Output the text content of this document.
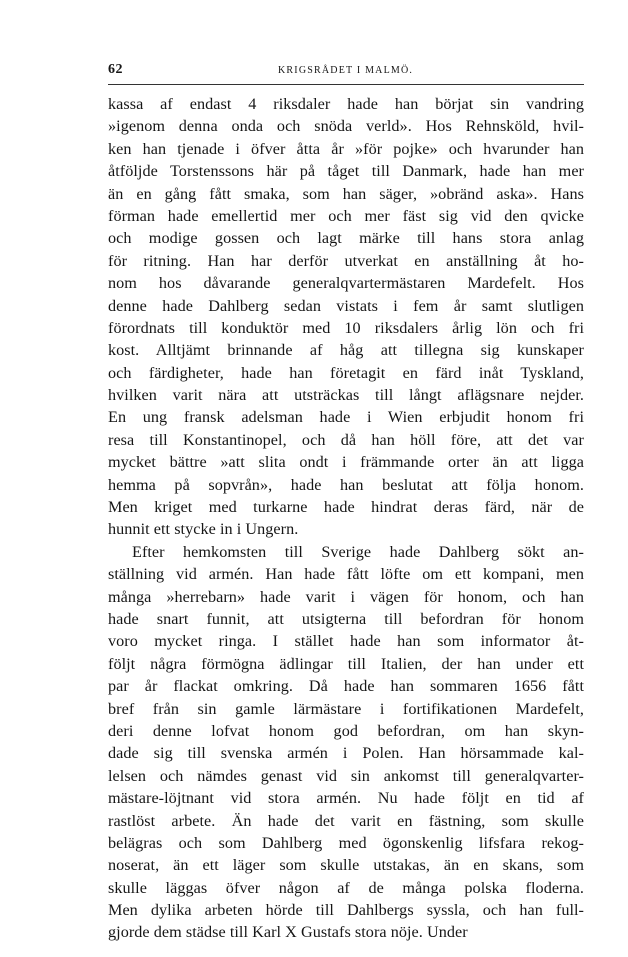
62	KRIGSRÅDET I MALMÖ.
kassa af endast 4 riksdaler hade han börjat sin vandring
»igenom denna onda och snöda verld». Hos Rehnsköld, hvil-
ken han tjenade i öfver åtta år »för pojke» och hvarunder han
åtföljde Torstenssons här på tåget till Danmark, hade han mer
än en gång fått smaka, som han säger, »obränd aska». Hans
förman hade emellertid mer och mer fäst sig vid den qvicke
och modige gossen och lagt märke till hans stora anlag
för ritning. Han har derför utverkat en anställning åt ho-
nom hos dåvarande generalqvartermästaren Mardefelt. Hos
denne hade Dahlberg sedan vistats i fem år samt slutligen
förordnats till konduktör med 10 riksdalers årlig lön och fri
kost. Alltjämt brinnande af håg att tillegna sig kunskaper
och färdigheter, hade han företagit en färd inåt Tyskland,
hvilken varit nära att utsträckas till långt aflägsnare nejder.
En ung fransk adelsman hade i Wien erbjudit honom fri
resa till Konstantinopel, och då han höll före, att det var
mycket bättre »att slita ondt i främmande orter än att ligga
hemma på sopvrån», hade han beslutat att följa honom.
Men kriget med turkarne hade hindrat deras färd, när de
hunnit ett stycke in i Ungern.
Efter hemkomsten till Sverige hade Dahlberg sökt an-
ställning vid armén. Han hade fått löfte om ett kompani, men
många »herrebarn» hade varit i vägen för honom, och han
hade snart funnit, att utsigterna till befordran för honom
voro mycket ringa. I stället hade han som informator åt-
följt några förmögna ädlingar till Italien, der han under ett
par år flackat omkring. Då hade han sommaren 1656 fått
bref från sin gamle lärmästare i fortifikationen Mardefelt,
deri denne lofvat honom god befordran, om han skyn-
dade sig till svenska armén i Polen. Han hörsammade kal-
lelsen och nämdes genast vid sin ankomst till generalqvarter-
mästare-löjtnant vid stora armén. Nu hade följt en tid af
rastlöst arbete. Än hade det varit en fästning, som skulle
belägras och som Dahlberg med ögonskenlig lifsfara rekog-
noserat, än ett läger som skulle utstakas, än en skans, som
skulle läggas öfver någon af de många polska floderna.
Men dylika arbeten hörde till Dahlbergs syssla, och han full-
gjorde dem städse till Karl X Gustafs stora nöje. Under
